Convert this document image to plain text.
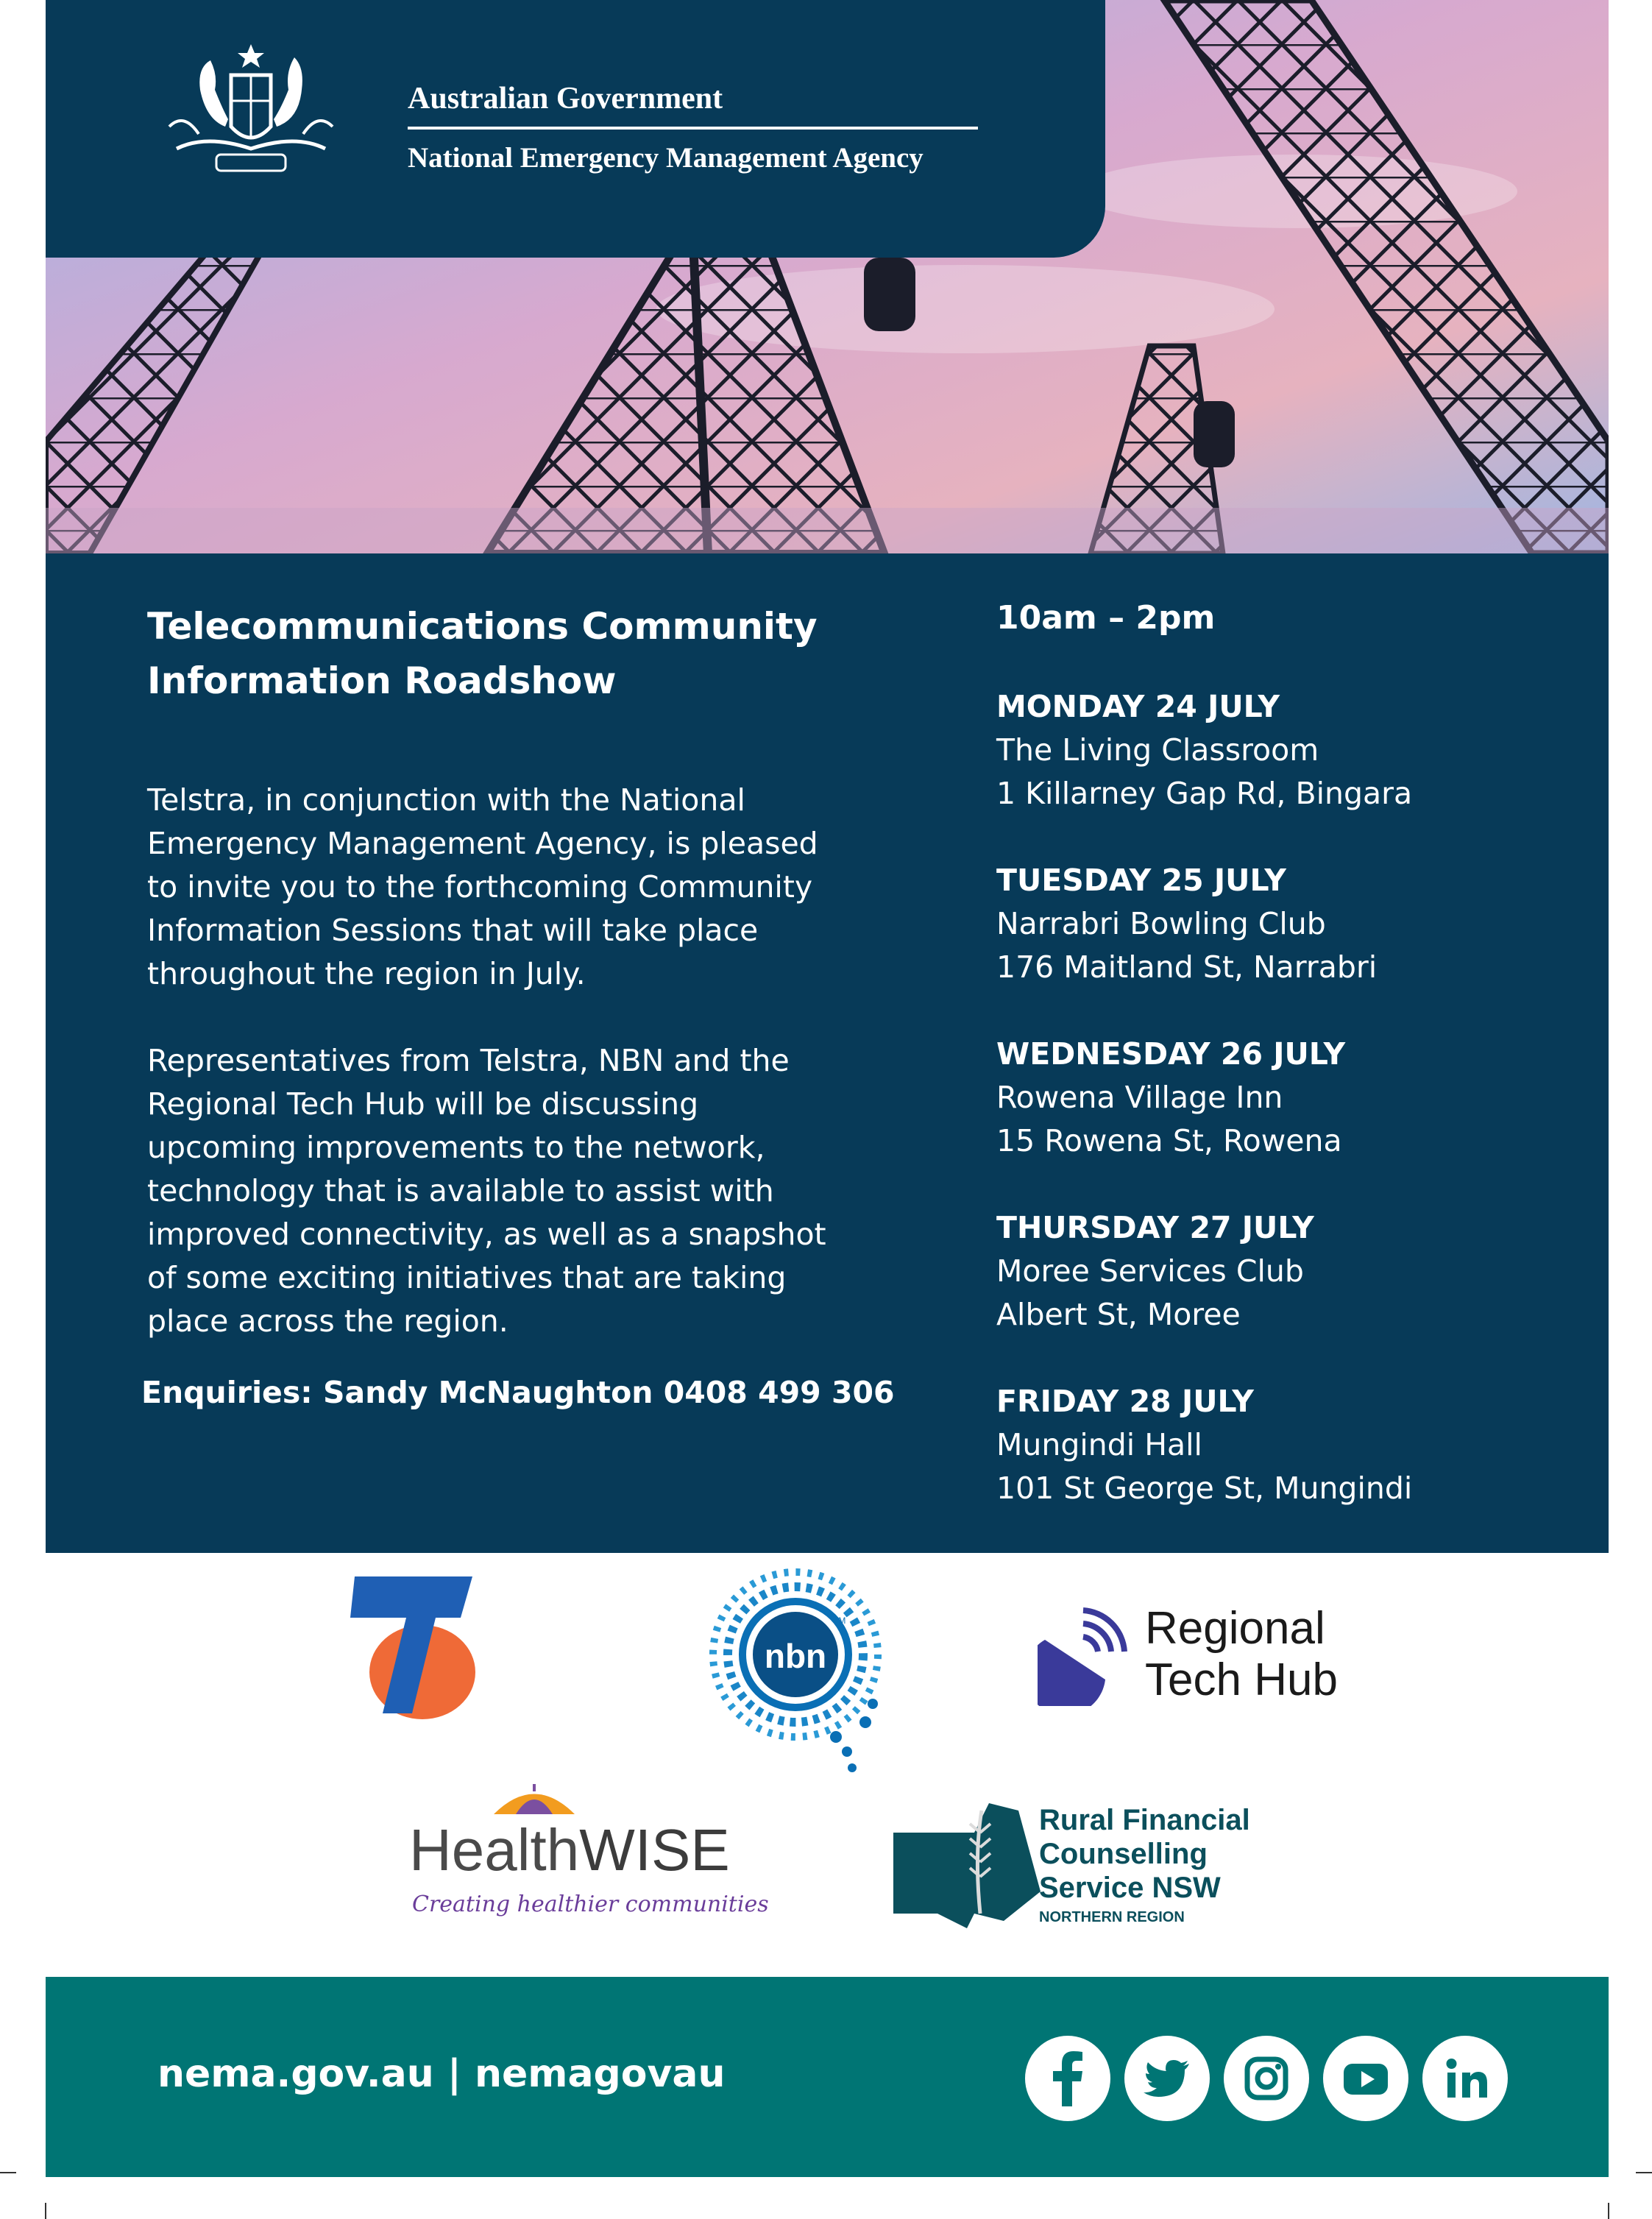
Australian Government
National Emergency Management Agency
Telecommunications Community
Information Roadshow
Telstra, in conjunction with the National
Emergency Management Agency, is pleased
to invite you to the forthcoming Community
Information Sessions that will take place
throughout the region in July.
Representatives from Telstra, NBN and the
Regional Tech Hub will be discussing
upcoming improvements to the network,
technology that is available to assist with
improved connectivity, as well as a snapshot
of some exciting initiatives that are taking
place across the region.
Enquiries: Sandy McNaughton 0408 499 306
10am – 2pm
MONDAY 24 JULY
The Living Classroom
1 Killarney Gap Rd, Bingara
TUESDAY 25 JULY
Narrabri Bowling Club
176 Maitland St, Narrabri
WEDNESDAY 26 JULY
Rowena Village Inn
15 Rowena St, Rowena
THURSDAY 27 JULY
Moree Services Club
Albert St, Moree
FRIDAY 28 JULY
Mungindi Hall
101 St George St, Mungindi
nbn
TM	Regional
Tech Hub
HealthWISE
Creating healthier communities
Rural Financial
Counselling
Service NSW
NORTHERN REGION
nema.gov.au | nemagovau
